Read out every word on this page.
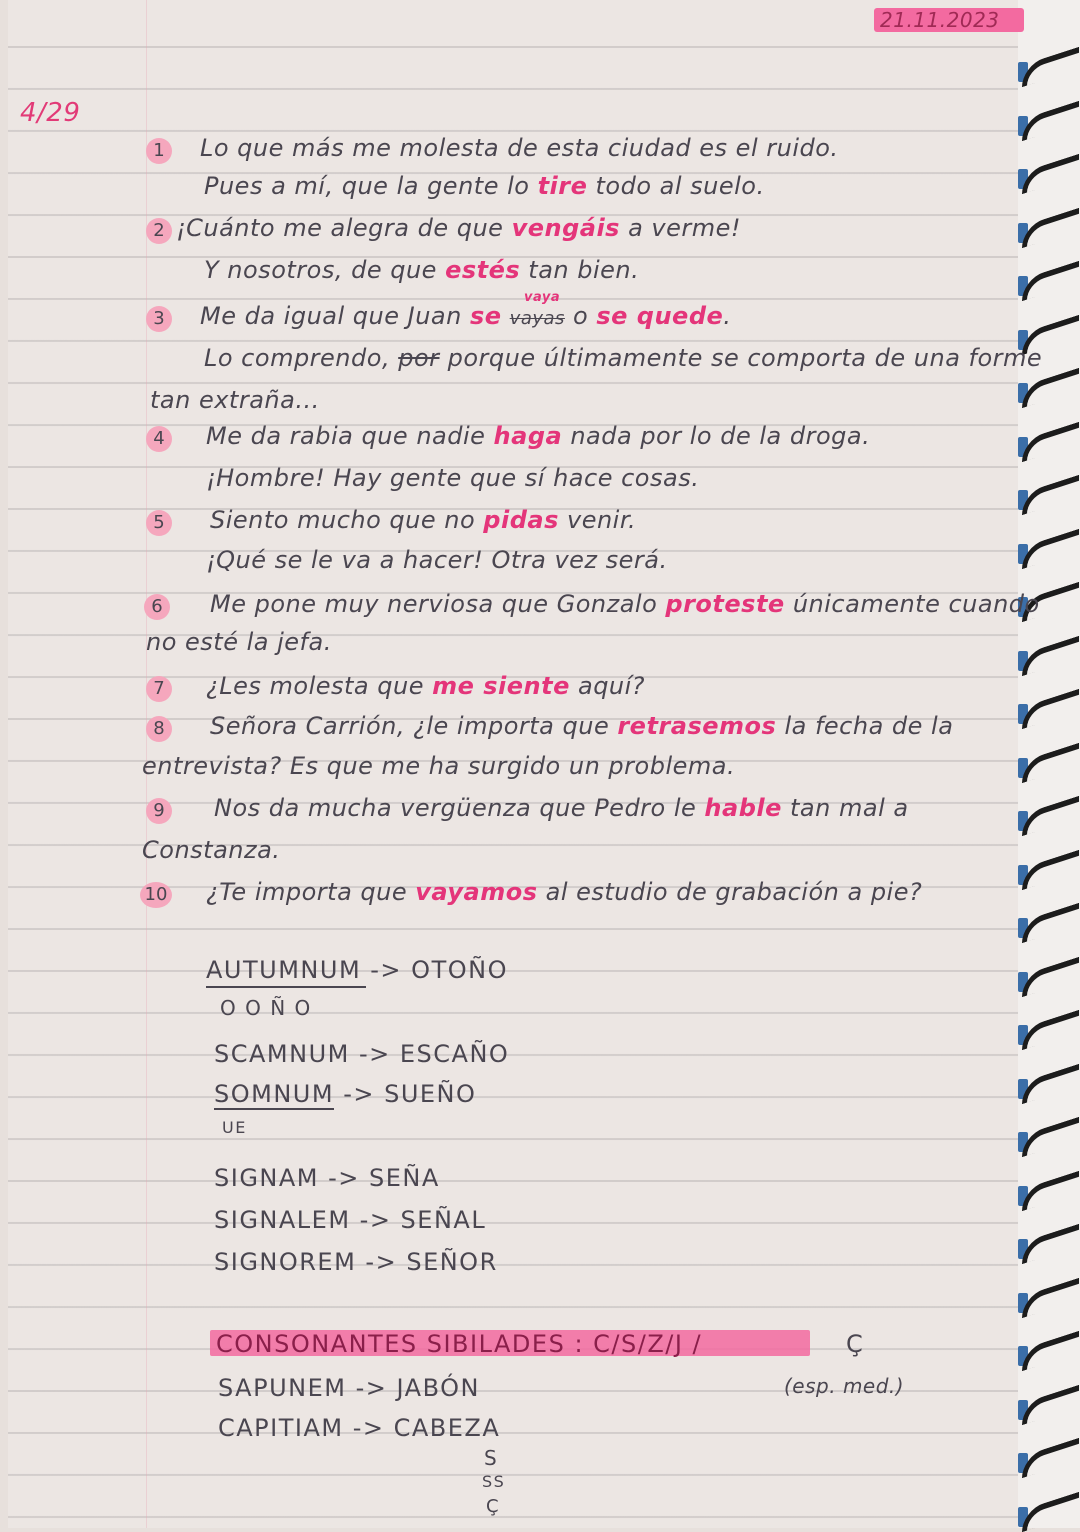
21.11.2023
4/29
1	Lo que más me molesta de esta ciudad es el ruido.
Pues a mí, que la gente lo tire todo al suelo.
2 ¡Cuánto me alegra de que vengáis a verme!
Y nosotros, de que estés tan bien.
vaya
3	Me da igual que Juan se vayas o se quede.
Lo comprendo, por porque últimamente se comporta de una forme
tan extraña...
4	Me da rabia que nadie haga nada por lo de la droga.
¡Hombre! Hay gente que sí hace cosas.
5	Siento mucho que no pidas venir.
¡Qué se le va a hacer! Otra vez será.
6	Me pone muy nerviosa que Gonzalo proteste únicamente cuando
no esté la jefa.
7	¿Les molesta que me siente aquí?
8	Señora Carrión, ¿le importa que retrasemos la fecha de la
entrevista? Es que me ha surgido un problema.
9	Nos da mucha vergüenza que Pedro le hable tan mal a
Constanza.
10 ¿Te importa que vayamos al estudio de grabación a pie?
AUTUMNUM -> OTOÑO
O O Ñ O
SCAMNUM -> ESCAÑO
SOMNUM -> SUEÑO
UE
SIGNAM -> SEÑA
SIGNALEM -> SEÑAL
SIGNOREM -> SEÑOR
CONSONANTES SIBILADES : C/S/Z/J /	Ç
(esp. med.)
SAPUNEM -> JABÓN
CAPITIAM -> CABEZA
S
SS
Ç
